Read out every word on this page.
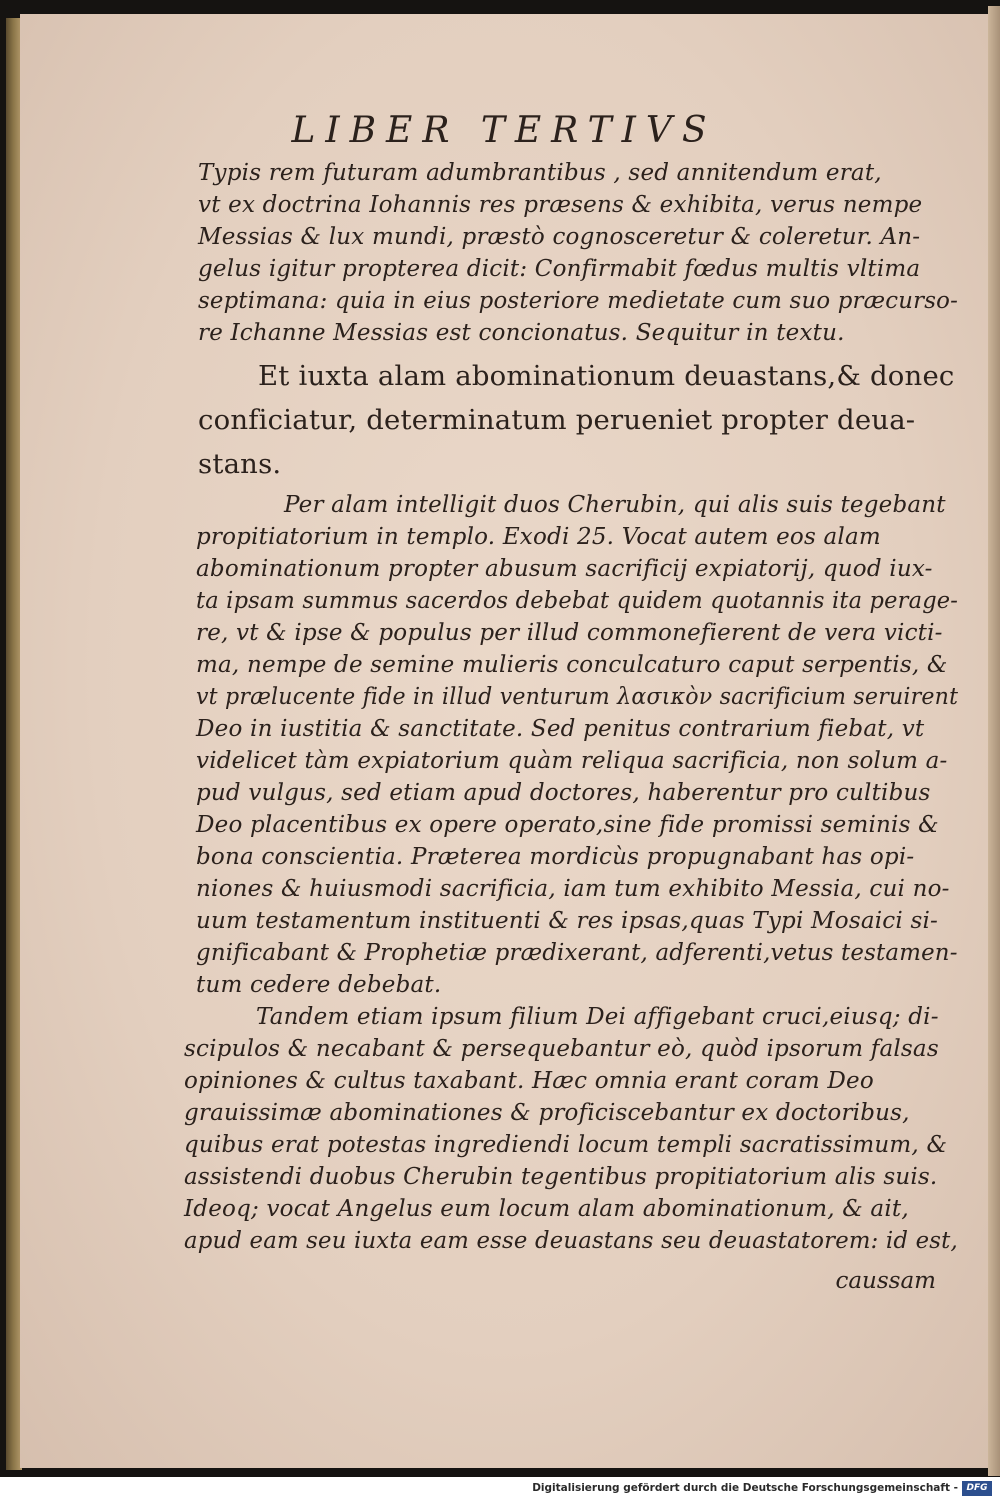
LIBER TERTIVS
Typis rem futuram adumbrantibus , sed annitendum erat,
vt ex doctrina Iohannis res præsens & exhibita, verus nempe
Messias & lux mundi, præstò cognosceretur & coleretur. An-
gelus igitur propterea dicit: Confirmabit fœdus multis vltima
septimana: quia in eius posteriore medietate cum suo præcurso-
re Ichanne Messias est concionatus. Sequitur in textu.
Et iuxta alam abominationum deuastans,& donec
conficiatur, determinatum perueniet propter deua-
stans.
Per alam intelligit duos Cherubin, qui alis suis tegebant
propitiatorium in templo. Exodi 25. Vocat autem eos alam
abominationum propter abusum sacrificij expiatorij, quod iux-
ta ipsam summus sacerdos debebat quidem quotannis ita perage-
re, vt & ipse & populus per illud commonefierent de vera victi-
ma, nempe de semine mulieris conculcaturo caput serpentis, &
vt prælucente fide in illud venturum λασικὸν sacrificium seruirent
Deo in iustitia & sanctitate. Sed penitus contrarium fiebat, vt
videlicet tàm expiatorium quàm reliqua sacrificia, non solum a-
pud vulgus, sed etiam apud doctores, haberentur pro cultibus
Deo placentibus ex opere operato,sine fide promissi seminis &
bona conscientia. Præterea mordicùs propugnabant has opi-
niones & huiusmodi sacrificia, iam tum exhibito Messia, cui no-
uum testamentum instituenti & res ipsas,quas Typi Mosaici si-
gnificabant & Prophetiæ prædixerant, adferenti,vetus testamen-
tum cedere debebat.
Tandem etiam ipsum filium Dei affigebant cruci,eiusq; di-
scipulos & necabant & persequebantur eò, quòd ipsorum falsas
opiniones & cultus taxabant. Hæc omnia erant coram Deo
grauissimæ abominationes & proficiscebantur ex doctoribus,
quibus erat potestas ingrediendi locum templi sacratissimum, &
assistendi duobus Cherubin tegentibus propitiatorium alis suis.
Ideoq; vocat Angelus eum locum alam abominationum, & ait,
apud eam seu iuxta eam esse deuastans seu deuastatorem: id est,
caussam
Digitalisierung gefördert durch die Deutsche Forschungsgemeinschaft - DFG
